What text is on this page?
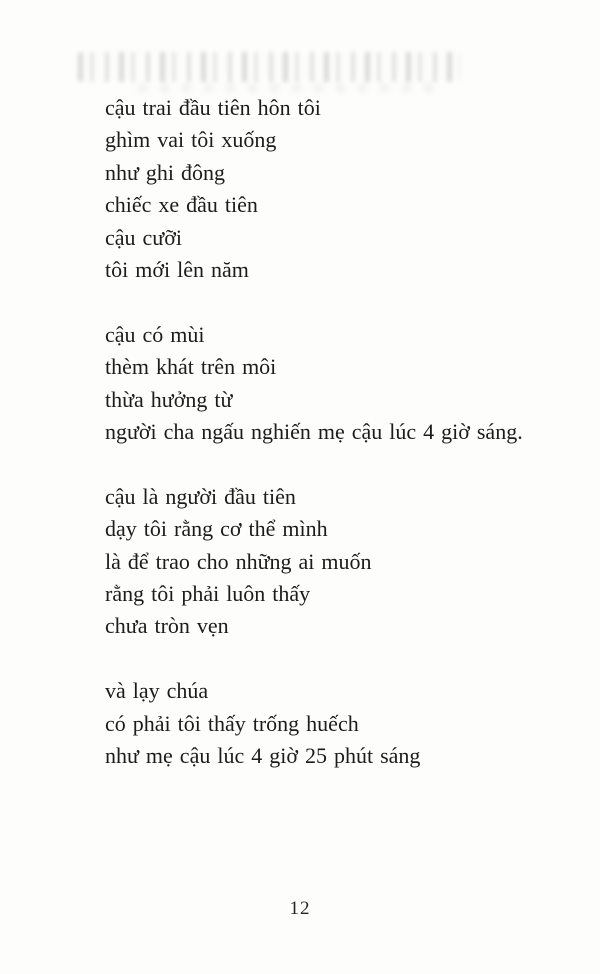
cậu trai đầu tiên hôn tôi

ghìm vai tôi xuống

như ghi đông

chiếc xe đầu tiên

cậu cưỡi

tôi mới lên năm

cậu có mùi

thèm khát trên môi

thừa hưởng từ

người cha ngấu nghiến mẹ cậu lúc 4 giờ sáng.

cậu là người đầu tiên

dạy tôi rằng cơ thể mình

là để trao cho những ai muốn

rằng tôi phải luôn thấy

chưa tròn vẹn

và lạy chúa

có phải tôi thấy trống huếch

như mẹ cậu lúc 4 giờ 25 phút sáng

12
